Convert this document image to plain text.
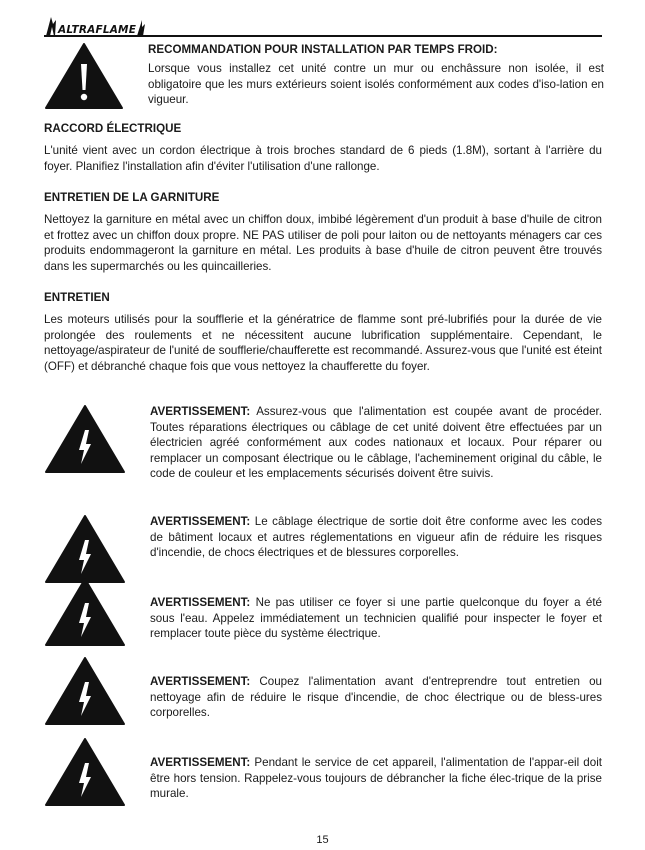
ALTRAFLAME

RECOMMANDATION POUR INSTALLATION PAR TEMPS FROID:

Lorsque vous installez cet unité contre un mur ou enchâssure non isolée, il est obligatoire que les murs extérieurs soient isolés conformément aux codes d'iso-lation en vigueur.

RACCORD ÉLECTRIQUE

L'unité vient avec un cordon électrique à trois broches standard de 6 pieds (1.8M), sortant à l'arrière du foyer. Planifiez l'installation afin d'éviter l'utilisation d'une rallonge.

ENTRETIEN DE LA GARNITURE

Nettoyez la garniture en métal avec un chiffon doux, imbibé légèrement d'un produit à base d'huile de citron et frottez avec un chiffon doux propre. NE PAS utiliser de poli pour laiton ou de nettoyants ménagers car ces produits endommageront la garniture en métal. Les produits à base d'huile de citron peuvent être trouvés dans les supermarchés ou les quincailleries.

ENTRETIEN

Les moteurs utilisés pour la soufflerie et la génératrice de flamme sont pré-lubrifiés pour la durée de vie prolongée des roulements et ne nécessitent aucune lubrification supplémentaire. Cependant, le nettoyage/aspirateur de l'unité de soufflerie/chaufferette est recommandé. Assurez-vous que l'unité est éteint (OFF) et débranché chaque fois que vous nettoyez la chaufferette du foyer.

AVERTISSEMENT: Assurez-vous que l'alimentation est coupée avant de procéder. Toutes réparations électriques ou câblage de cet unité doivent être effectuées par un électricien agréé conformément aux codes nationaux et locaux. Pour réparer ou remplacer un composant électrique ou le câblage, l'acheminement original du câble, le code de couleur et les emplacements sécurisés doivent être suivis.
AVERTISSEMENT: Le câblage électrique de sortie doit être conforme avec les codes de bâtiment locaux et autres réglementations en vigueur afin de réduire les risques d'incendie, de chocs électriques et de blessures corporelles.
AVERTISSEMENT: Ne pas utiliser ce foyer si une partie quelconque du foyer a été sous l'eau. Appelez immédiatement un technicien qualifié pour inspecter le foyer et remplacer toute pièce du système électrique.
AVERTISSEMENT: Coupez l'alimentation avant d'entreprendre tout entretien ou nettoyage afin de réduire le risque d'incendie, de choc électrique ou de bless-ures corporelles.
AVERTISSEMENT: Pendant le service de cet appareil, l'alimentation de l'appar-eil doit être hors tension. Rappelez-vous toujours de débrancher la fiche élec-trique de la prise murale.
15
